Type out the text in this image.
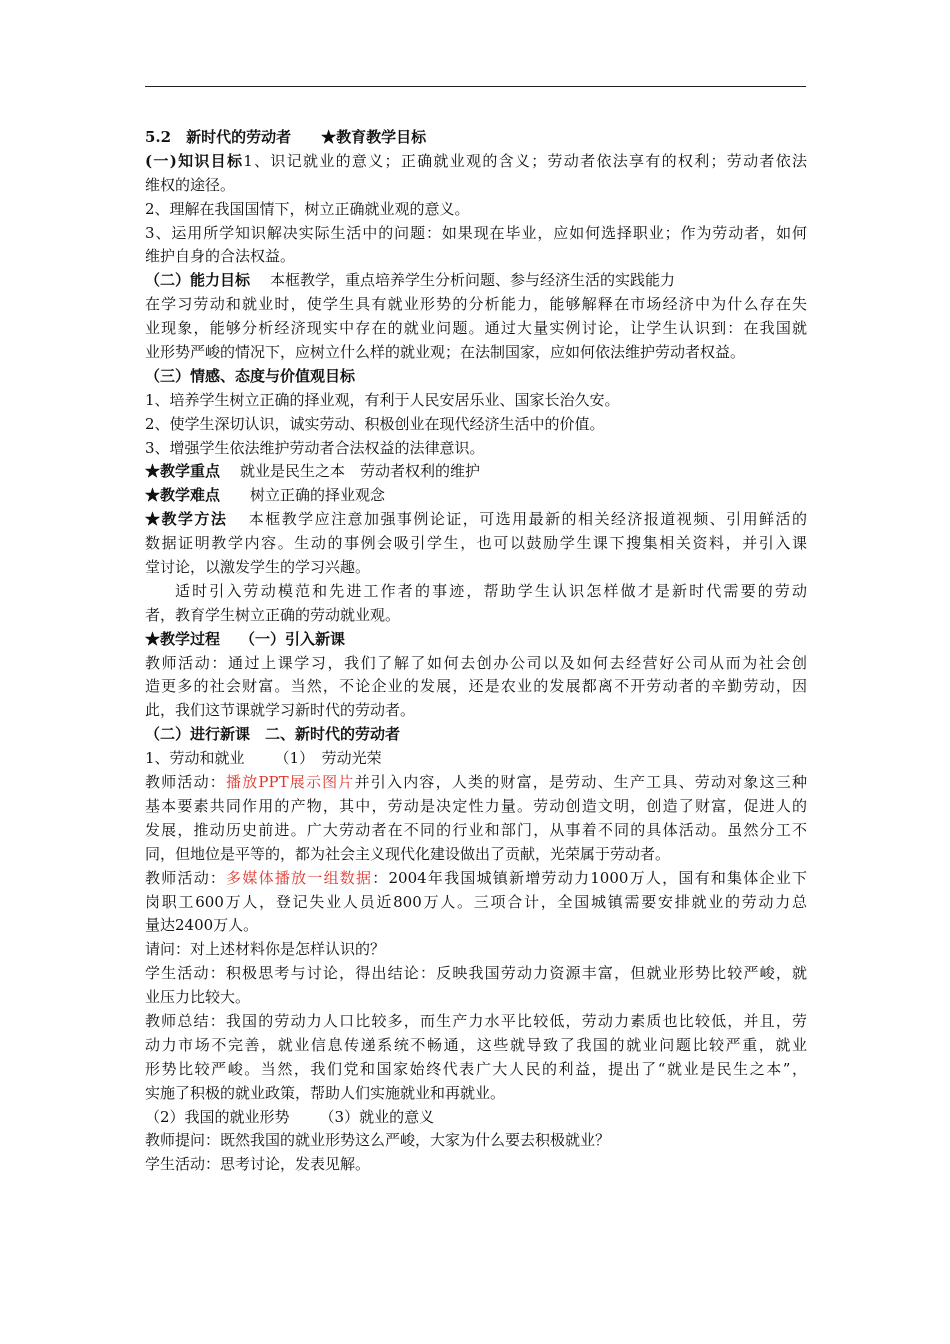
5.2　新时代的劳动者 ★教育教学目标
(一)知识目标1、识记就业的意义；正确就业观的含义；劳动者依法享有的权利；劳动者依法
维权的途径。
2、理解在我国国情下，树立正确就业观的意义。
3、运用所学知识解决实际生活中的问题：如果现在毕业，应如何选择职业；作为劳动者，如何
维护自身的合法权益。
（二）能力目标 本框教学，重点培养学生分析问题、参与经济生活的实践能力
在学习劳动和就业时，使学生具有就业形势的分析能力，能够解释在市场经济中为什么存在失
业现象，能够分析经济现实中存在的就业问题。通过大量实例讨论，让学生认识到：在我国就
业形势严峻的情况下，应树立什么样的就业观；在法制国家，应如何依法维护劳动者权益。
（三）情感、态度与价值观目标
1、培养学生树立正确的择业观，有利于人民安居乐业、国家长治久安。
2、使学生深切认识，诚实劳动、积极创业在现代经济生活中的价值。
3、增强学生依法维护劳动者合法权益的法律意识。
★教学重点 就业是民生之本　劳动者权利的维护
★教学难点 树立正确的择业观念
★教学方法 本框教学应注意加强事例论证，可选用最新的相关经济报道视频、引用鲜活的
数据证明教学内容。生动的事例会吸引学生，也可以鼓励学生课下搜集相关资料，并引入课
堂讨论，以激发学生的学习兴趣。
适时引入劳动模范和先进工作者的事迹，帮助学生认识怎样做才是新时代需要的劳动
者，教育学生树立正确的劳动就业观。
★教学过程 （一）引入新课
教师活动：通过上课学习，我们了解了如何去创办公司以及如何去经营好公司从而为社会创
造更多的社会财富。当然，不论企业的发展，还是农业的发展都离不开劳动者的辛勤劳动，因
此，我们这节课就学习新时代的劳动者。
（二）进行新课　二、新时代的劳动者
1、劳动和就业 （1）　劳动光荣
教师活动：播放PPT展示图片并引入内容，人类的财富，是劳动、生产工具、劳动对象这三种
基本要素共同作用的产物，其中，劳动是决定性力量。劳动创造文明，创造了财富，促进人的
发展，推动历史前进。广大劳动者在不同的行业和部门，从事着不同的具体活动。虽然分工不
同，但地位是平等的，都为社会主义现代化建设做出了贡献，光荣属于劳动者。
教师活动：多媒体播放一组数据：2004年我国城镇新增劳动力1000万人，国有和集体企业下
岗职工600万人，登记失业人员近800万人。三项合计，全国城镇需要安排就业的劳动力总
量达2400万人。
请问：对上述材料你是怎样认识的？
学生活动：积极思考与讨论，得出结论：反映我国劳动力资源丰富，但就业形势比较严峻，就
业压力比较大。
教师总结：我国的劳动力人口比较多，而生产力水平比较低，劳动力素质也比较低，并且，劳
动力市场不完善，就业信息传递系统不畅通，这些就导致了我国的就业问题比较严重，就业
形势比较严峻。当然，我们党和国家始终代表广大人民的利益，提出了“就业是民生之本”，
实施了积极的就业政策，帮助人们实施就业和再就业。
（2）我国的就业形势 （3）就业的意义
教师提问：既然我国的就业形势这么严峻，大家为什么要去积极就业？
学生活动：思考讨论，发表见解。
